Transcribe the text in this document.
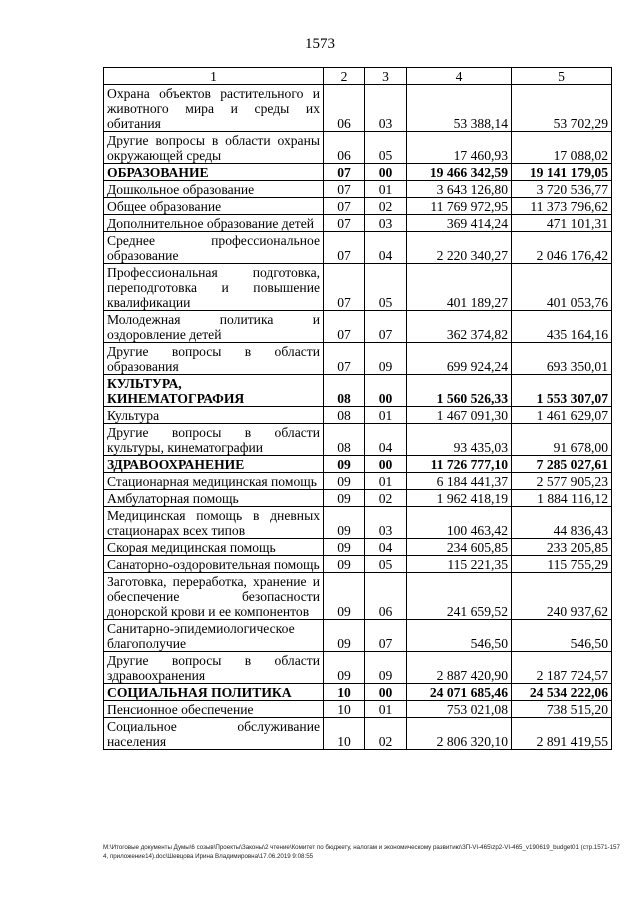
1573
1	2	3	4	5
Охрана объектов растительного и животного мира и среды их обитания	06	03	53 388,14	53 702,29
Другие вопросы в области охраны окружающей среды	06	05	17 460,93	17 088,02
ОБРАЗОВАНИЕ	07	00	19 466 342,59	19 141 179,05
Дошкольное образование	07	01	3 643 126,80	3 720 536,77
Общее образование	07	02	11 769 972,95	11 373 796,62
Дополнительное образование детей	07	03	369 414,24	471 101,31
Среднее профессиональное образование	07	04	2 220 340,27	2 046 176,42
Профессиональная подготовка, переподготовка и повышение квалификации	07	05	401 189,27	401 053,76
Молодежная политика и оздоровление детей	07	07	362 374,82	435 164,16
Другие вопросы в области образования	07	09	699 924,24	693 350,01
КУЛЬТУРА, КИНЕМАТОГРАФИЯ	08	00	1 560 526,33	1 553 307,07
Культура	08	01	1 467 091,30	1 461 629,07
Другие вопросы в области культуры, кинематографии	08	04	93 435,03	91 678,00
ЗДРАВООХРАНЕНИЕ	09	00	11 726 777,10	7 285 027,61
Стационарная медицинская помощь	09	01	6 184 441,37	2 577 905,23
Амбулаторная помощь	09	02	1 962 418,19	1 884 116,12
Медицинская помощь в дневных стационарах всех типов	09	03	100 463,42	44 836,43
Скорая медицинская помощь	09	04	234 605,85	233 205,85
Санаторно-оздоровительная помощь	09	05	115 221,35	115 755,29
Заготовка, переработка, хранение и обеспечение безопасности донорской крови и ее компонентов	09	06	241 659,52	240 937,62
Санитарно-эпидемиологическое благополучие	09	07	546,50	546,50
Другие вопросы в области здравоохранения	09	09	2 887 420,90	2 187 724,57
СОЦИАЛЬНАЯ ПОЛИТИКА	10	00	24 071 685,46	24 534 222,06
Пенсионное обеспечение	10	01	753 021,08	738 515,20
Социальное обслуживание населения	10	02	2 806 320,10	2 891 419,55
M:\Итоговые документы Думы\6 созыв\Проекты\Законы\2 чтение\Комитет по бюджету, налогам и экономическому развитию\ЗП-VI-465\zp2-VI-465_v190619_budget01 (стр.1571-1574, приложение14).doc\Шевцова Ирина Владимировна\17.06.2019 9:08:55
